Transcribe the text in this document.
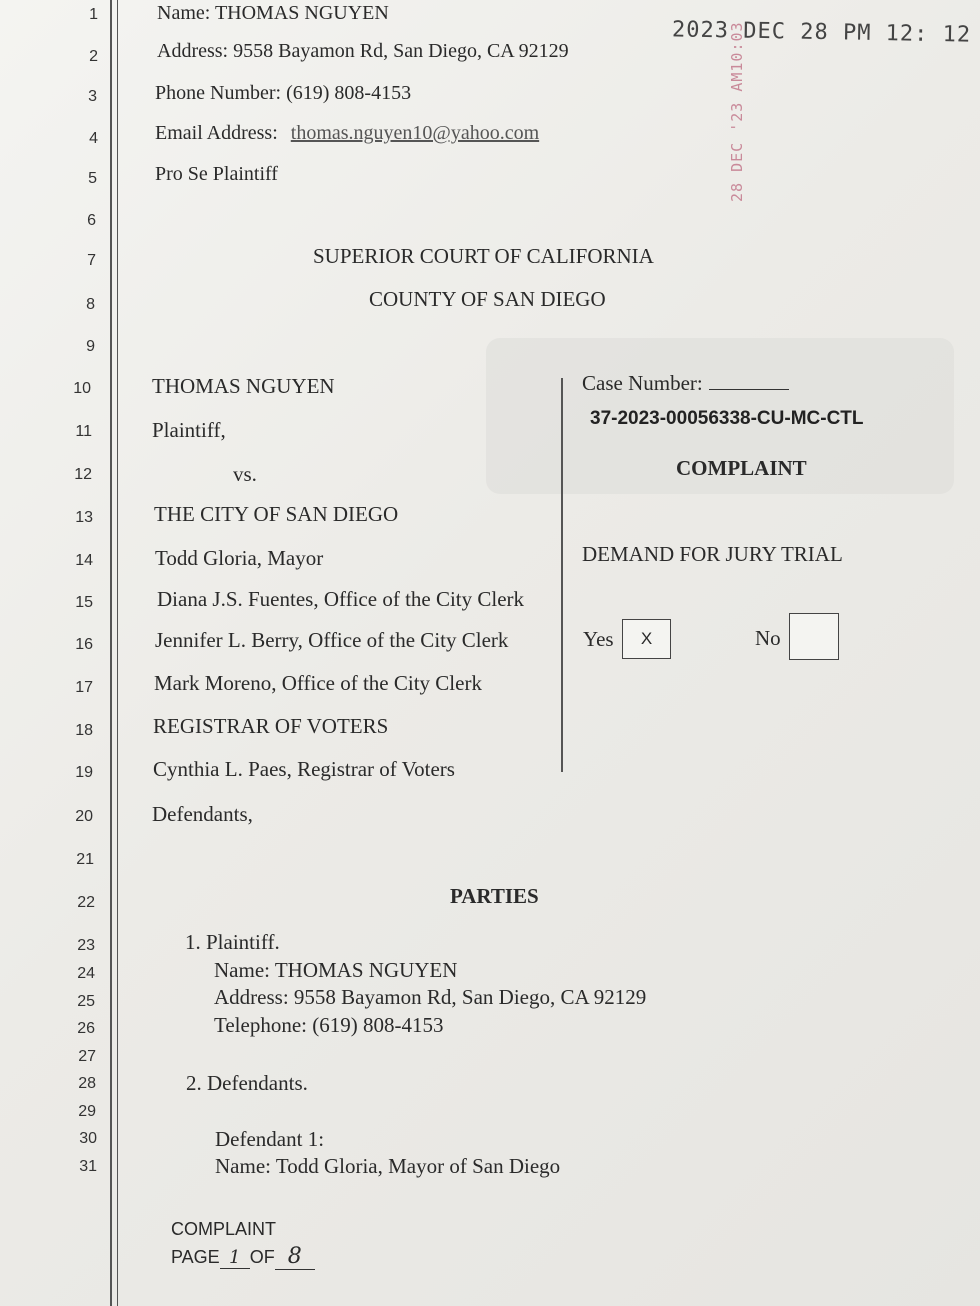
1
2
3
4
5
6
7
8
9
10
11
12
13
14
15
16
17
18
19
20
21
22
23
24
25
26
27
28
29
30
31
Name: THOMAS NGUYEN
Address: 9558 Bayamon Rd, San Diego, CA 92129
Phone Number: (619) 808-4153
Email Address: thomas.nguyen10@yahoo.com
Pro Se Plaintiff
2023 DEC 28 PM 12: 12
28 DEC '23 AM10:03
SUPERIOR COURT OF CALIFORNIA
COUNTY OF SAN DIEGO
THOMAS NGUYEN
Plaintiff,
vs.
THE CITY OF SAN DIEGO
Todd Gloria, Mayor
Diana J.S. Fuentes, Office of the City Clerk
Jennifer L. Berry, Office of the City Clerk
Mark Moreno, Office of the City Clerk
REGISTRAR OF VOTERS
Cynthia L. Paes, Registrar of Voters
Defendants,
Case Number:
37-2023-00056338-CU-MC-CTL
COMPLAINT
DEMAND FOR JURY TRIAL
Yes	X	No
PARTIES
1. Plaintiff.
Name: THOMAS NGUYEN
Address: 9558 Bayamon Rd, San Diego, CA 92129
Telephone: (619) 808-4153
2. Defendants.
Defendant 1:
Name: Todd Gloria, Mayor of San Diego
COMPLAINT
PAGE 1 OF 8
